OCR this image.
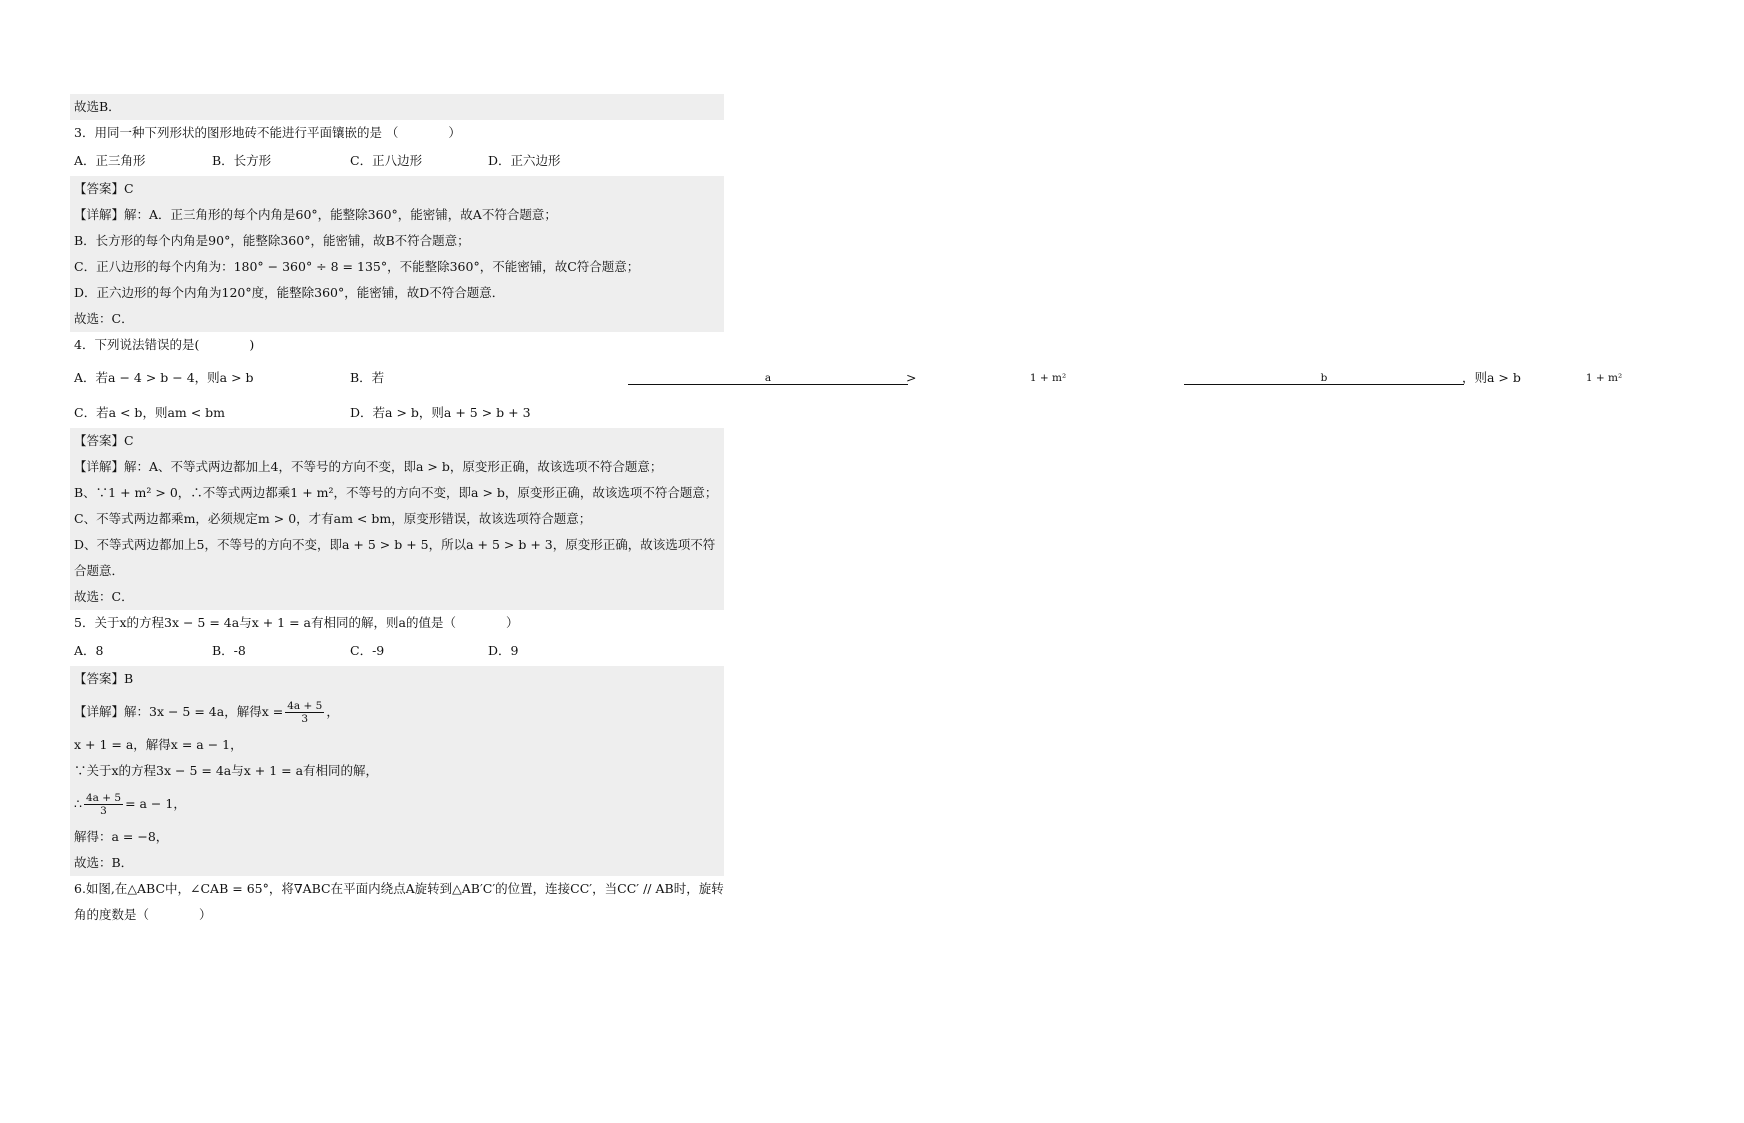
故选B．
3．用同一种下列形状的图形地砖不能进行平面镶嵌的是 （　　　　）
A．正三角形	B．长方形	C．正八边形	D．正六边形
【答案】C
【详解】解：A．正三角形的每个内角是60°，能整除360°，能密铺，故A不符合题意；
B．长方形的每个内角是90°，能整除360°，能密铺，故B不符合题意；
C．正八边形的每个内角为：180° − 360° ÷ 8 = 135°，不能整除360°，不能密铺，故C符合题意；
D．正六边形的每个内角为120°度，能整除360°，能密铺，故D不符合题意．
故选：C．
4．下列说法错误的是(　　　　)
A．若a − 4 > b − 4，则a > b	B．若	a	1 + m²>	b	1 + m²，则a > b
C．若a < b，则am < bm	D．若a > b，则a + 5 > b + 3
【答案】C
【详解】解：A、不等式两边都加上4，不等号的方向不变，即a > b，原变形正确，故该选项不符合题意；
B、∵1 + m² > 0，∴不等式两边都乘1 + m²，不等号的方向不变，即a > b，原变形正确，故该选项不符合题意；
C、不等式两边都乘m，必须规定m > 0，才有am < bm，原变形错误，故该选项符合题意；
D、不等式两边都加上5，不等号的方向不变，即a + 5 > b + 5，所以a + 5 > b + 3，原变形正确，故该选项不符合题意．
故选：C．
5．关于x的方程3x − 5 = 4a与x + 1 = a有相同的解，则a的值是（　　　　）
A．8	B．-8	C．-9	D．9
【答案】B
【详解】解：3x − 5 = 4a，解得$x = \frac{4a + 5}{3}$ ，
x + 1 = a，解得x = a − 1，
∵关于x的方程3x − 5 = 4a与x + 1 = a有相同的解，
∴ $\frac{4a + 5}{3} = a - 1$，
解得：a = −8，
故选：B．
6.如图,在△ABC中，∠CAB = 65°，将∇ABC在平面内绕点A旋转到△AB′C′的位置，连接CC′，当CC′ // AB时，旋转角的度数是（　　　　）
